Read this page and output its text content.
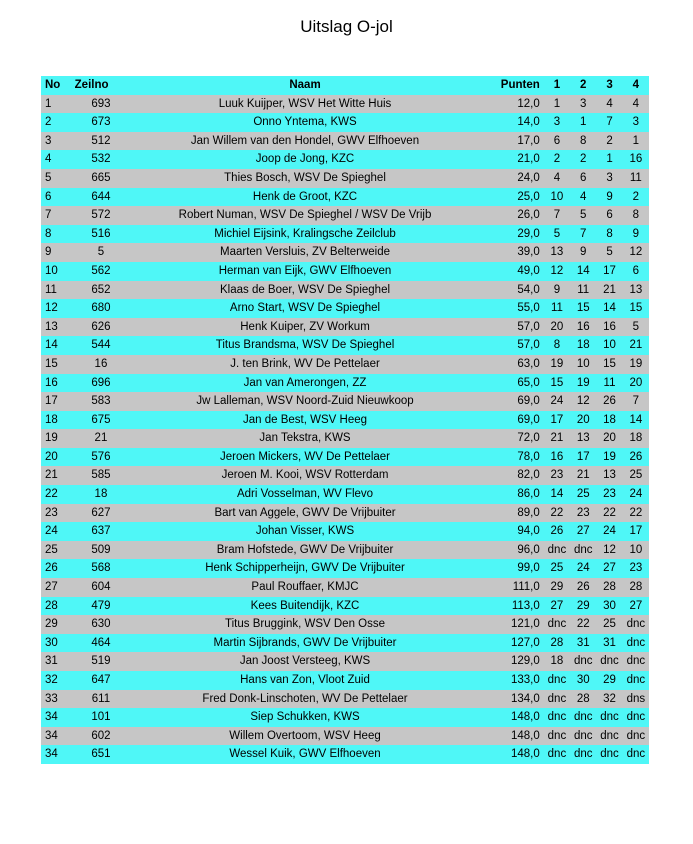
Uitslag O-jol
No	Zeilno	Naam	Punten	1	2	3	4
1	693	Luuk Kuijper, WSV Het Witte Huis	12,0	1	3	4	4
2	673	Onno Yntema, KWS	14,0	3	1	7	3
3	512	Jan Willem van den Hondel, GWV Elfhoeven	17,0	6	8	2	1
4	532	Joop de Jong, KZC	21,0	2	2	1	16
5	665	Thies Bosch, WSV De Spieghel	24,0	4	6	3	11
6	644	Henk de Groot, KZC	25,0	10	4	9	2
7	572	Robert Numan, WSV De Spieghel / WSV De Vrijb	26,0	7	5	6	8
8	516	Michiel Eijsink, Kralingsche Zeilclub	29,0	5	7	8	9
9	5	Maarten Versluis, ZV Belterweide	39,0	13	9	5	12
10	562	Herman van Eijk, GWV Elfhoeven	49,0	12	14	17	6
11	652	Klaas de Boer, WSV De Spieghel	54,0	9	11	21	13
12	680	Arno Start, WSV De Spieghel	55,0	11	15	14	15
13	626	Henk Kuiper, ZV Workum	57,0	20	16	16	5
14	544	Titus Brandsma, WSV De Spieghel	57,0	8	18	10	21
15	16	J. ten Brink, WV De Pettelaer	63,0	19	10	15	19
16	696	Jan van Amerongen, ZZ	65,0	15	19	11	20
17	583	Jw Lalleman, WSV Noord-Zuid Nieuwkoop	69,0	24	12	26	7
18	675	Jan de Best, WSV Heeg	69,0	17	20	18	14
19	21	Jan Tekstra, KWS	72,0	21	13	20	18
20	576	Jeroen Mickers, WV De Pettelaer	78,0	16	17	19	26
21	585	Jeroen M. Kooi, WSV Rotterdam	82,0	23	21	13	25
22	18	Adri Vosselman, WV Flevo	86,0	14	25	23	24
23	627	Bart van Aggele, GWV De Vrijbuiter	89,0	22	23	22	22
24	637	Johan Visser, KWS	94,0	26	27	24	17
25	509	Bram Hofstede, GWV De Vrijbuiter	96,0	dnc	dnc	12	10
26	568	Henk Schipperheijn, GWV De Vrijbuiter	99,0	25	24	27	23
27	604	Paul Rouffaer, KMJC	111,0	29	26	28	28
28	479	Kees Buitendijk, KZC	113,0	27	29	30	27
29	630	Titus Bruggink, WSV Den Osse	121,0	dnc	22	25	dnc
30	464	Martin Sijbrands, GWV De Vrijbuiter	127,0	28	31	31	dnc
31	519	Jan Joost Versteeg, KWS	129,0	18	dnc	dnc	dnc
32	647	Hans van Zon, Vloot Zuid	133,0	dnc	30	29	dnc
33	611	Fred Donk-Linschoten, WV De Pettelaer	134,0	dnc	28	32	dns
34	101	Siep Schukken, KWS	148,0	dnc	dnc	dnc	dnc
34	602	Willem Overtoom, WSV Heeg	148,0	dnc	dnc	dnc	dnc
34	651	Wessel Kuik, GWV Elfhoeven	148,0	dnc	dnc	dnc	dnc
